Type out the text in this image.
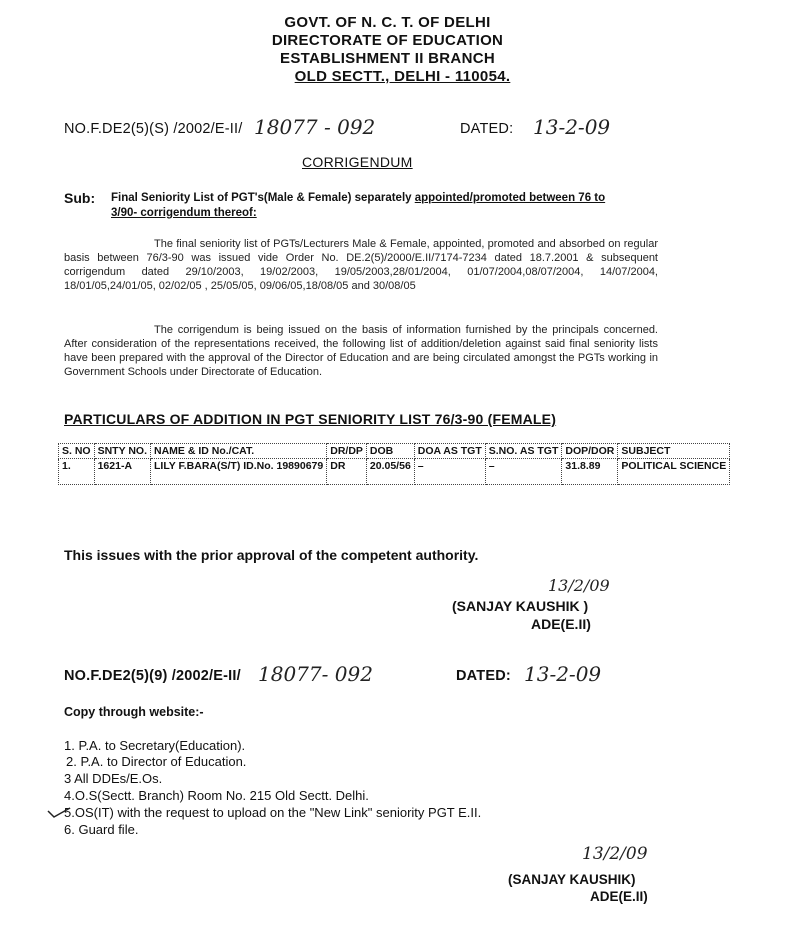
GOVT. OF N. C. T. OF DELHI
DIRECTORATE OF EDUCATION
ESTABLISHMENT II BRANCH
OLD SECTT., DELHI - 110054.
NO.F.DE2(5)(S) /2002/E-II/ 18077 - 092	DATED: 13-2-09
CORRIGENDUM
Sub: Final Seniority List of PGT's(Male & Female) separately appointed/promoted between 76 to
3/90- corrigendum thereof:
The final seniority list of PGTs/Lecturers Male & Female, appointed, promoted and absorbed on regular basis between 76/3-90 was issued vide Order No. DE.2(5)/2000/E.II/7174-7234 dated 18.7.2001 & subsequent corrigendum dated 29/10/2003, 19/02/2003, 19/05/2003,28/01/2004, 01/07/2004,08/07/2004, 14/07/2004, 18/01/05,24/01/05, 02/02/05 , 25/05/05, 09/06/05,18/08/05 and 30/08/05
The corrigendum is being issued on the basis of information furnished by the principals concerned. After consideration of the representations received, the following list of addition/deletion against said final seniority lists have been prepared with the approval of the Director of Education and are being circulated amongst the PGTs working in Government Schools under Directorate of Education.
PARTICULARS OF ADDITION IN PGT SENIORITY LIST 76/3-90 (FEMALE)
S. NO	SNTY NO.	NAME & ID No./CAT.	DR/DP	DOB	DOA AS TGT	S.NO. AS TGT	DOP/DOR	SUBJECT
1.	1621-A	LILY F.BARA(S/T) ID.No. 19890679	DR	20.05/56	–	–	31.8.89	POLITICAL SCIENCE
This issues with the prior approval of the competent authority.
13/2/09
(SANJAY KAUSHIK )
ADE(E.II)
NO.F.DE2(5)(9) /2002/E-II/ 18077- 092	DATED: 13-2-09
Copy through website:-
1. P.A. to Secretary(Education).
2. P.A. to Director of Education.
3 All DDEs/E.Os.
4.O.S(Sectt. Branch) Room No. 215 Old Sectt. Delhi.
5.OS(IT) with the request to upload on the "New Link" seniority PGT E.II.
6. Guard file.
13/2/09
(SANJAY KAUSHIK)
ADE(E.II)
